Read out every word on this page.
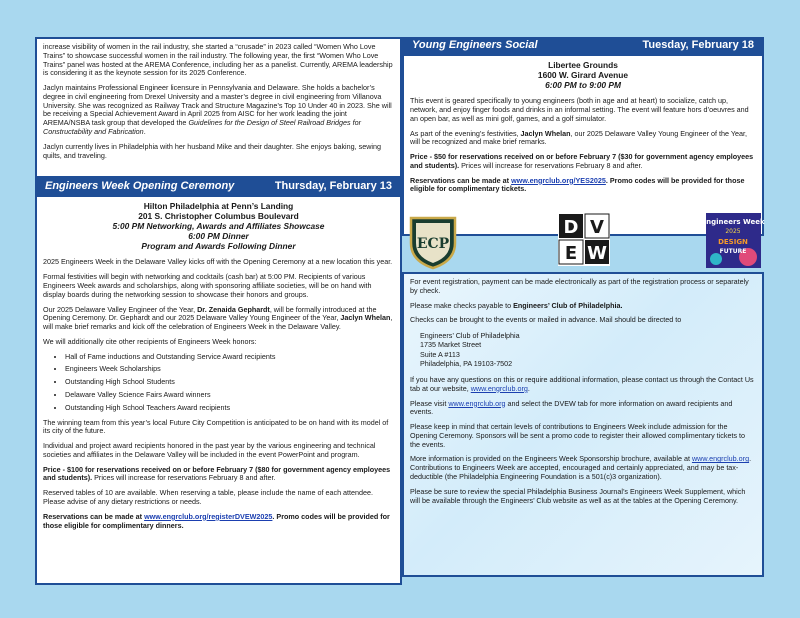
increase visibility of women in the rail industry, she started a “crusade” in 2023 called “Women Who Love Trains” to showcase successful women in the rail industry. The following year, the first “Women Who Love Trains” panel was hosted at the AREMA Conference, including her as a panelist. Currently, AREMA leadership is considering it as the keynote session for its 2025 Conference.

Jaclyn maintains Professional Engineer licensure in Pennsylvania and Delaware. She holds a bachelor’s degree in civil engineering from Drexel University and a master’s degree in civil engineering from Villanova University. She was recognized as Railway Track and Structure Magazine’s Top 10 Under 40 in 2023. She will be receiving a Special Achievement Award in April 2025 from AISC for her work leading the joint AREMA/NSBA task group that developed the Guidelines for the Design of Steel Railroad Bridges for Constructability and Fabrication.

Jaclyn currently lives in Philadelphia with her husband Mike and their daughter. She enjoys baking, sewing quilts, and traveling.

Engineers Week Opening Ceremony	Thursday, February 13
Hilton Philadelphia at Penn’s Landing
201 S. Christopher Columbus Boulevard
5:00 PM Networking, Awards and Affiliates Showcase
6:00 PM Dinner
Program and Awards Following Dinner

2025 Engineers Week in the Delaware Valley kicks off with the Opening Ceremony at a new location this year.

Formal festivities will begin with networking and cocktails (cash bar) at 5:00 PM. Recipients of various Engineers Week awards and scholarships, along with sponsoring affiliate societies, will be on hand with display boards during the networking session to showcase their honors and groups.

Our 2025 Delaware Valley Engineer of the Year, Dr. Zenaida Gephardt, will be formally introduced at the Opening Ceremony. Dr. Gephardt and our 2025 Delaware Valley Young Engineer of the Year, Jaclyn Whelan, will make brief remarks and kick off the celebration of Engineers Week in the Delaware Valley.

We will additionally cite other recipients of Engineers Week honors:

• Hall of Fame inductions and Outstanding Service Award recipients
• Engineers Week Scholarships
• Outstanding High School Students
• Delaware Valley Science Fairs Award winners
• Outstanding High School Teachers Award recipients

The winning team from this year’s local Future City Competition is anticipated to be on hand with its model of its city of the future.

Individual and project award recipients honored in the past year by the various engineering and technical societies and affiliates in the Delaware Valley will be included in the event PowerPoint and program.

Price - $100 for reservations received on or before February 7 ($80 for government agency employees and students). Prices will increase for reservations February 8 and after.

Reserved tables of 10 are available. When reserving a table, please include the name of each attendee. Please advise of any dietary restrictions or needs.

Reservations can be made at www.engrclub.org/registerDVEW2025. Promo codes will be provided for those eligible for complimentary dinners.

Young Engineers Social	Tuesday, February 18
Libertee Grounds
1600 W. Girard Avenue
6:00 PM to 9:00 PM

This event is geared specifically to young engineers (both in age and at heart) to socialize, catch up, network, and enjoy finger foods and drinks in an informal setting. The event will feature hors d’oeuvres and an open bar, as well as mini golf, games, and a golf simulator.

As part of the evening’s festivities, Jaclyn Whelan, our 2025 Delaware Valley Young Engineer of the Year, will be recognized and make brief remarks.

Price - $50 for reservations received on or before February 7 ($30 for government agency employees and students). Prices will increase for reservations February 8 and after.

Reservations can be made at www.engrclub.org/YES2025. Promo codes will be provided for those eligible for complimentary tickets.

ECP
D V
E W
Engineers Week
2025
DESIGN
FUTURE

For event registration, payment can be made electronically as part of the registration process or separately by check.

Please make checks payable to Engineers’ Club of Philadelphia.

Checks can be brought to the events or mailed in advance. Mail should be directed to

Engineers’ Club of Philadelphia
1735 Market Street
Suite A #113
Philadelphia, PA 19103-7502

If you have any questions on this or require additional information, please contact us through the Contact Us tab at our website, www.engrclub.org.

Please visit www.engrclub.org and select the DVEW tab for more information on award recipients and events.

Please keep in mind that certain levels of contributions to Engineers Week include admission for the Opening Ceremony. Sponsors will be sent a promo code to register their allowed complimentary tickets to the events.

More information is provided on the Engineers Week Sponsorship brochure, available at www.engrclub.org. Contributions to Engineers Week are accepted, encouraged and certainly appreciated, and may be tax-deductible (the Philadelphia Engineering Foundation is a 501(c)3 organization).

Please be sure to review the special Philadelphia Business Journal’s Engineers Week Supplement, which will be available through the Engineers’ Club website as well as at the tables at the Opening Ceremony.
